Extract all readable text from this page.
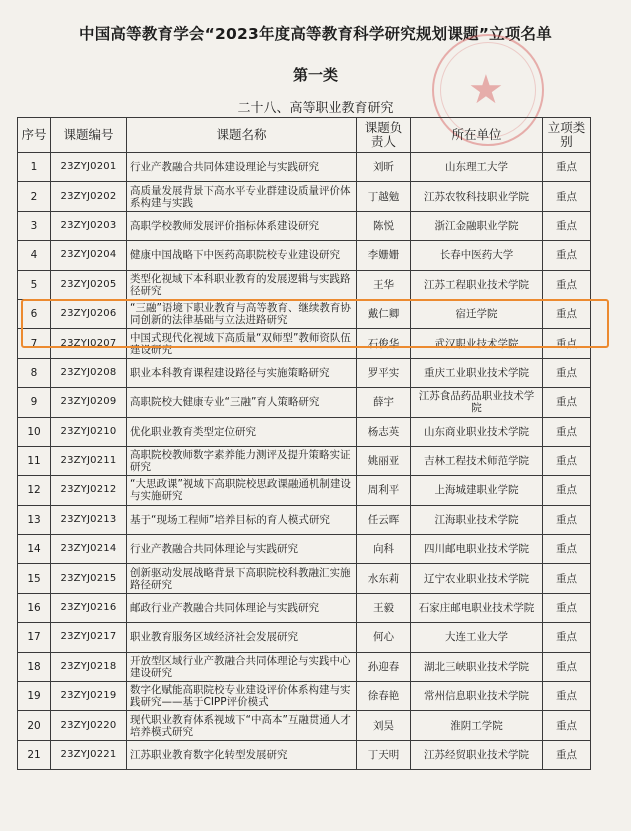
中国高等教育学会“2023年度高等教育科学研究规划课题”立项名单
★
第一类
二十八、高等职业教育研究
序号	课题编号	课题名称	课题负责人	所在单位	立项类别
1	23ZYJ0201	行业产教融合共同体建设理论与实践研究	刘昕	山东理工大学	重点
2	23ZYJ0202	高质量发展背景下高水平专业群建设质量评价体系构建与实践	丁越勉	江苏农牧科技职业学院	重点
3	23ZYJ0203	高职学校教师发展评价指标体系建设研究	陈悦	浙江金融职业学院	重点
4	23ZYJ0204	健康中国战略下中医药高职院校专业建设研究	李姗姗	长春中医药大学	重点
5	23ZYJ0205	类型化视域下本科职业教育的发展逻辑与实践路径研究	王华	江苏工程职业技术学院	重点
6	23ZYJ0206	“三融”语境下职业教育与高等教育、继续教育协同创新的法律基础与立法进路研究	戴仁卿	宿迁学院	重点
7	23ZYJ0207	中国式现代化视域下高质量“双师型”教师资队伍建设研究	石俊华	武汉职业技术学院	重点
8	23ZYJ0208	职业本科教育课程建设路径与实施策略研究	罗平实	重庆工业职业技术学院	重点
9	23ZYJ0209	高职院校大健康专业“三融”育人策略研究	薛宇	江苏食品药品职业技术学院	重点
10	23ZYJ0210	优化职业教育类型定位研究	杨志英	山东商业职业技术学院	重点
11	23ZYJ0211	高职院校教师数字素养能力测评及提升策略实证研究	姚丽亚	吉林工程技术师范学院	重点
12	23ZYJ0212	“大思政课”视域下高职院校思政课融通机制建设与实施研究	周利平	上海城建职业学院	重点
13	23ZYJ0213	基于“现场工程师”培养目标的育人模式研究	任云晖	江海职业技术学院	重点
14	23ZYJ0214	行业产教融合共同体理论与实践研究	向科	四川邮电职业技术学院	重点
15	23ZYJ0215	创新驱动发展战略背景下高职院校科教融汇实施路径研究	水东莉	辽宁农业职业技术学院	重点
16	23ZYJ0216	邮政行业产教融合共同体理论与实践研究	王毅	石家庄邮电职业技术学院	重点
17	23ZYJ0217	职业教育服务区域经济社会发展研究	何心	大连工业大学	重点
18	23ZYJ0218	开放型区域行业产教融合共同体理论与实践中心建设研究	孙迎春	湖北三峡职业技术学院	重点
19	23ZYJ0219	数字化赋能高职院校专业建设评价体系构建与实践研究——基于CIPP评价模式	徐春艳	常州信息职业技术学院	重点
20	23ZYJ0220	现代职业教育体系视域下“中高本”互融贯通人才培养模式研究	刘昊	淮阴工学院	重点
21	23ZYJ0221	江苏职业教育数字化转型发展研究	丁天明	江苏经贸职业技术学院	重点
